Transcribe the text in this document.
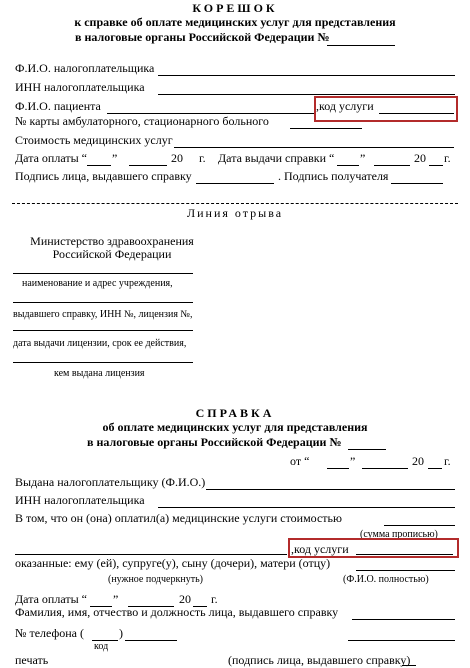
КОРЕШОК
к справке об оплате медицинских услуг для представления
в налоговые органы Российской Федерации №
Ф.И.О. налогоплательщика
ИНН налогоплательщика
Ф.И.О. пациента	,код услуги
№ карты амбулаторного, стационарного больного
Стоимость медицинских услуг
Дата оплаты “ ”	20 г. Дата выдачи справки “ ”	20 г.
Подпись лица, выдавшего справку	. Подпись получателя
Линия отрыва
Министерство здравоохранения
Российской Федерации
наименование и адрес учреждения,
выдавшего справку, ИНН №, лицензия №,
дата выдачи лицензии, срок ее действия,
кем выдана лицензия
СПРАВКА
об оплате медицинских услуг для представления
в налоговые органы Российской Федерации №
от “	”	20 г.
Выдана налогоплательщику (Ф.И.О.)
ИНН налогоплательщика
В том, что он (она) оплатил(а) медицинские услуги стоимостью
(сумма прописью)
,код услуги
оказанные: ему (ей), супруге(у), сыну (дочери), матери (отцу)
(нужное подчеркнуть)	(Ф.И.О. полностью)
Дата оплаты “ ”	20 г.
Фамилия, имя, отчество и должность лица, выдавшего справку
№ телефона (	)
код
печать	(подпись лица, выдавшего справку)
